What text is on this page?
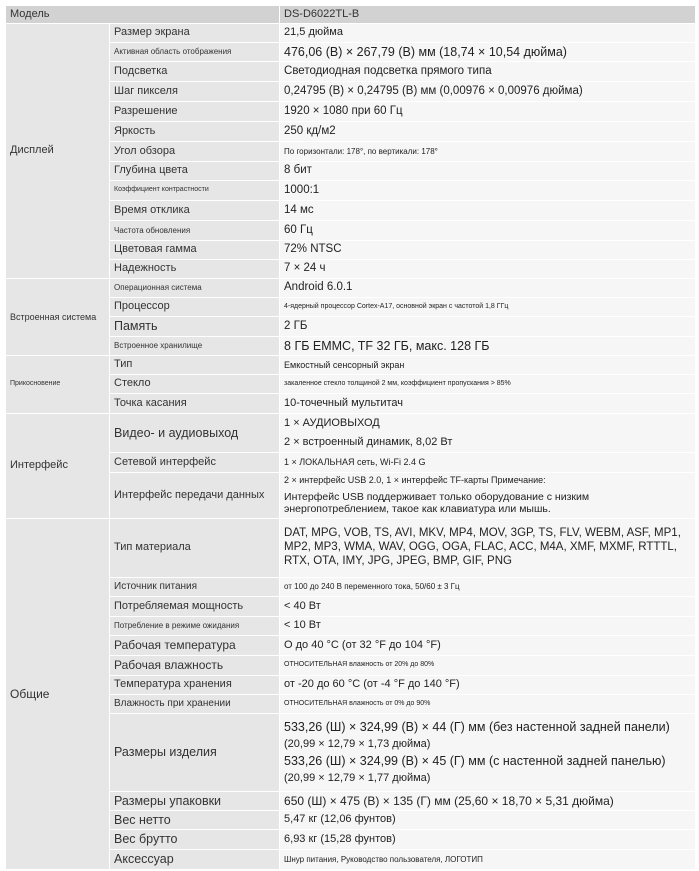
Модель		DS-D6022TL-B
Дисплей	Размер экрана	21,5 дюйма
	Активная область отображения	476,06 (В) × 267,79 (В) мм (18,74 × 10,54 дюйма)
	Подсветка	Светодиодная подсветка прямого типа
	Шаг пикселя	0,24795 (В) × 0,24795 (В) мм (0,00976 × 0,00976 дюйма)
	Разрешение	1920 × 1080 при 60 Гц
	Яркость	250 кд/м2
	Угол обзора	По горизонтали: 178°, по вертикали: 178°
	Глубина цвета	8 бит
	Коэффициент контрастности	1000:1
	Время отклика	14 мс
	Частота обновления	60 Гц
	Цветовая гамма	72% NTSC
	Надежность	7 × 24 ч
Встроенная система	Операционная система	Android 6.0.1
	Процессор	4-ядерный процессор Cortex-A17, основной экран с частотой 1,8 ГГц
	Память	2 ГБ
	Встроенное хранилище	8 ГБ EMMC, TF 32 ГБ, макс. 128 ГБ
Прикосновение	Тип	Емкостный сенсорный экран
	Стекло	закаленное стекло толщиной 2 мм, коэффициент пропускания > 85%
	Точка касания	10-точечный мультитач
Интерфейс	Видео- и аудиовыход	1 × АУДИОВЫХОД
2 × встроенный динамик, 8,02 Вт

	Сетевой интерфейс	1 × ЛОКАЛЬНАЯ сеть, Wi-Fi 2.4 G
	Интерфейс передачи данных	2 × интерфейс USB 2.0, 1 × интерфейс TF-карты Примечание:
Интерфейс USB поддерживает только оборудование с низким энергопотреблением, такое как клавиатура или мышь.

Общие	Тип материала	DAT, MPG, VOB, TS, AVI, MKV, MP4, MOV, 3GP, TS, FLV, WEBM, ASF, MP1, MP2, MP3, WMA, WAV, OGG, OGA, FLAC, ACC, M4A, XMF, MXMF, RTTTL, RTX, OTA, IMY, JPG, JPEG, BMP, GIF, PNG
	Источник питания	от 100 до 240 В переменного тока, 50/60 ± 3 Гц
	Потребляемая мощность	< 40 Вт
	Потребление в режиме ожидания	< 10 Вт
	Рабочая температура	О до 40 °C (от 32 °F до 104 °F)
	Рабочая влажность	ОТНОСИТЕЛЬНАЯ влажность от 20% до 80%
	Температура хранения	от -20 до 60 °C (от -4 °F до 140 °F)
	Влажность при хранении	ОТНОСИТЕЛЬНАЯ влажность от 0% до 90%
	Размеры изделия	533,26 (Ш) × 324,99 (В) × 44 (Г) мм (без настенной задней панели)
(20,99 × 12,79 × 1,73 дюйма)
533,26 (Ш) × 324,99 (В) × 45 (Г) мм (с настенной задней панелью)
(20,99 × 12,79 × 1,77 дюйма)

	Размеры упаковки	650 (Ш) × 475 (В) × 135 (Г) мм (25,60 × 18,70 × 5,31 дюйма)
	Вес нетто	5,47 кг (12,06 фунтов)
	Вес брутто	6,93 кг (15,28 фунтов)
	Аксессуар	Шнур питания, Руководство пользователя, ЛОГОТИП
